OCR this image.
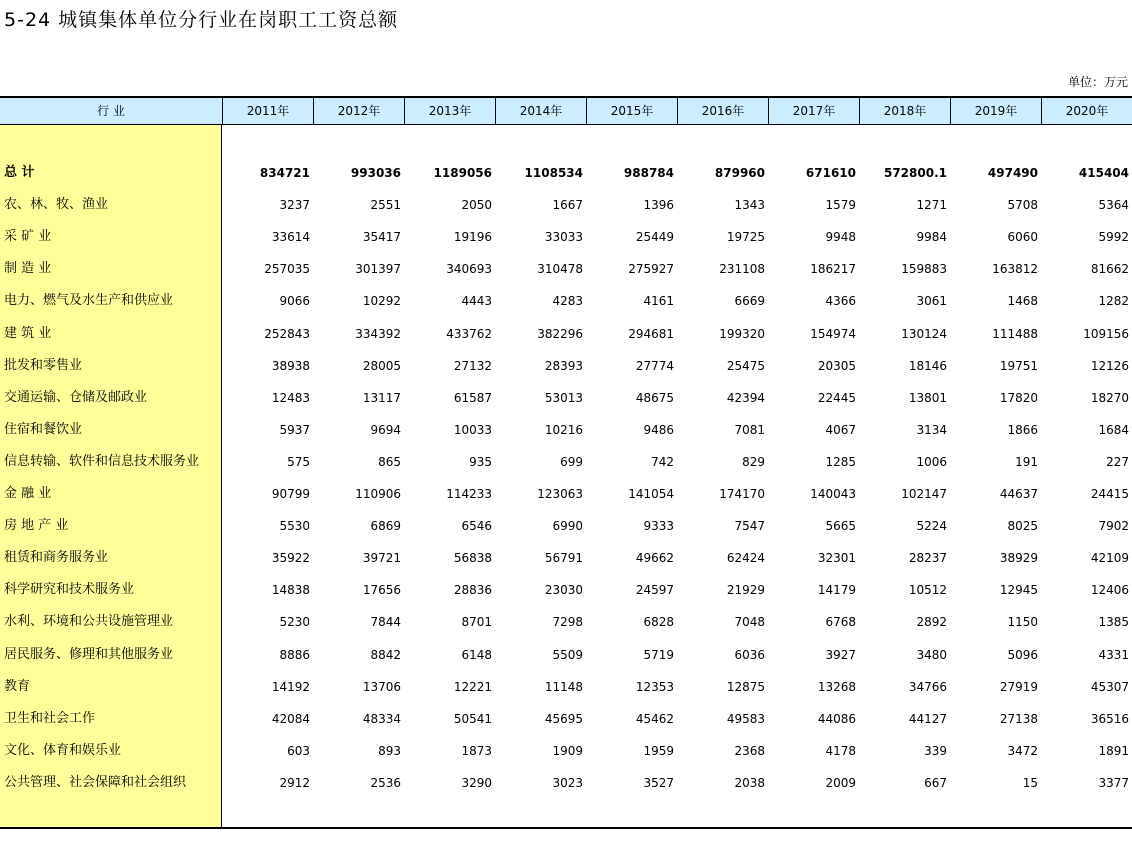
5-24 城镇集体单位分行业在岗职工工资总额
单位：万元
行 业	2011年	2012年	2013年	2014年	2015年	2016年	2017年	2018年	2019年	2020年
总 计	834721	993036	1189056	1108534	988784	879960	671610	572800.1	497490	415404
农、林、牧、渔业	3237	2551	2050	1667	1396	1343	1579	1271	5708	5364
采 矿 业	33614	35417	19196	33033	25449	19725	9948	9984	6060	5992
制 造 业	257035	301397	340693	310478	275927	231108	186217	159883	163812	81662
电力、燃气及水生产和供应业	9066	10292	4443	4283	4161	6669	4366	3061	1468	1282
建 筑 业	252843	334392	433762	382296	294681	199320	154974	130124	111488	109156
批发和零售业	38938	28005	27132	28393	27774	25475	20305	18146	19751	12126
交通运输、仓储及邮政业	12483	13117	61587	53013	48675	42394	22445	13801	17820	18270
住宿和餐饮业	5937	9694	10033	10216	9486	7081	4067	3134	1866	1684
信息转输、软件和信息技术服务业	575	865	935	699	742	829	1285	1006	191	227
金 融 业	90799	110906	114233	123063	141054	174170	140043	102147	44637	24415
房 地 产 业	5530	6869	6546	6990	9333	7547	5665	5224	8025	7902
租赁和商务服务业	35922	39721	56838	56791	49662	62424	32301	28237	38929	42109
科学研究和技术服务业	14838	17656	28836	23030	24597	21929	14179	10512	12945	12406
水利、环境和公共设施管理业	5230	7844	8701	7298	6828	7048	6768	2892	1150	1385
居民服务、修理和其他服务业	8886	8842	6148	5509	5719	6036	3927	3480	5096	4331
教育	14192	13706	12221	11148	12353	12875	13268	34766	27919	45307
卫生和社会工作	42084	48334	50541	45695	45462	49583	44086	44127	27138	36516
文化、体育和娱乐业	603	893	1873	1909	1959	2368	4178	339	3472	1891
公共管理、社会保障和社会组织	2912	2536	3290	3023	3527	2038	2009	667	15	3377
